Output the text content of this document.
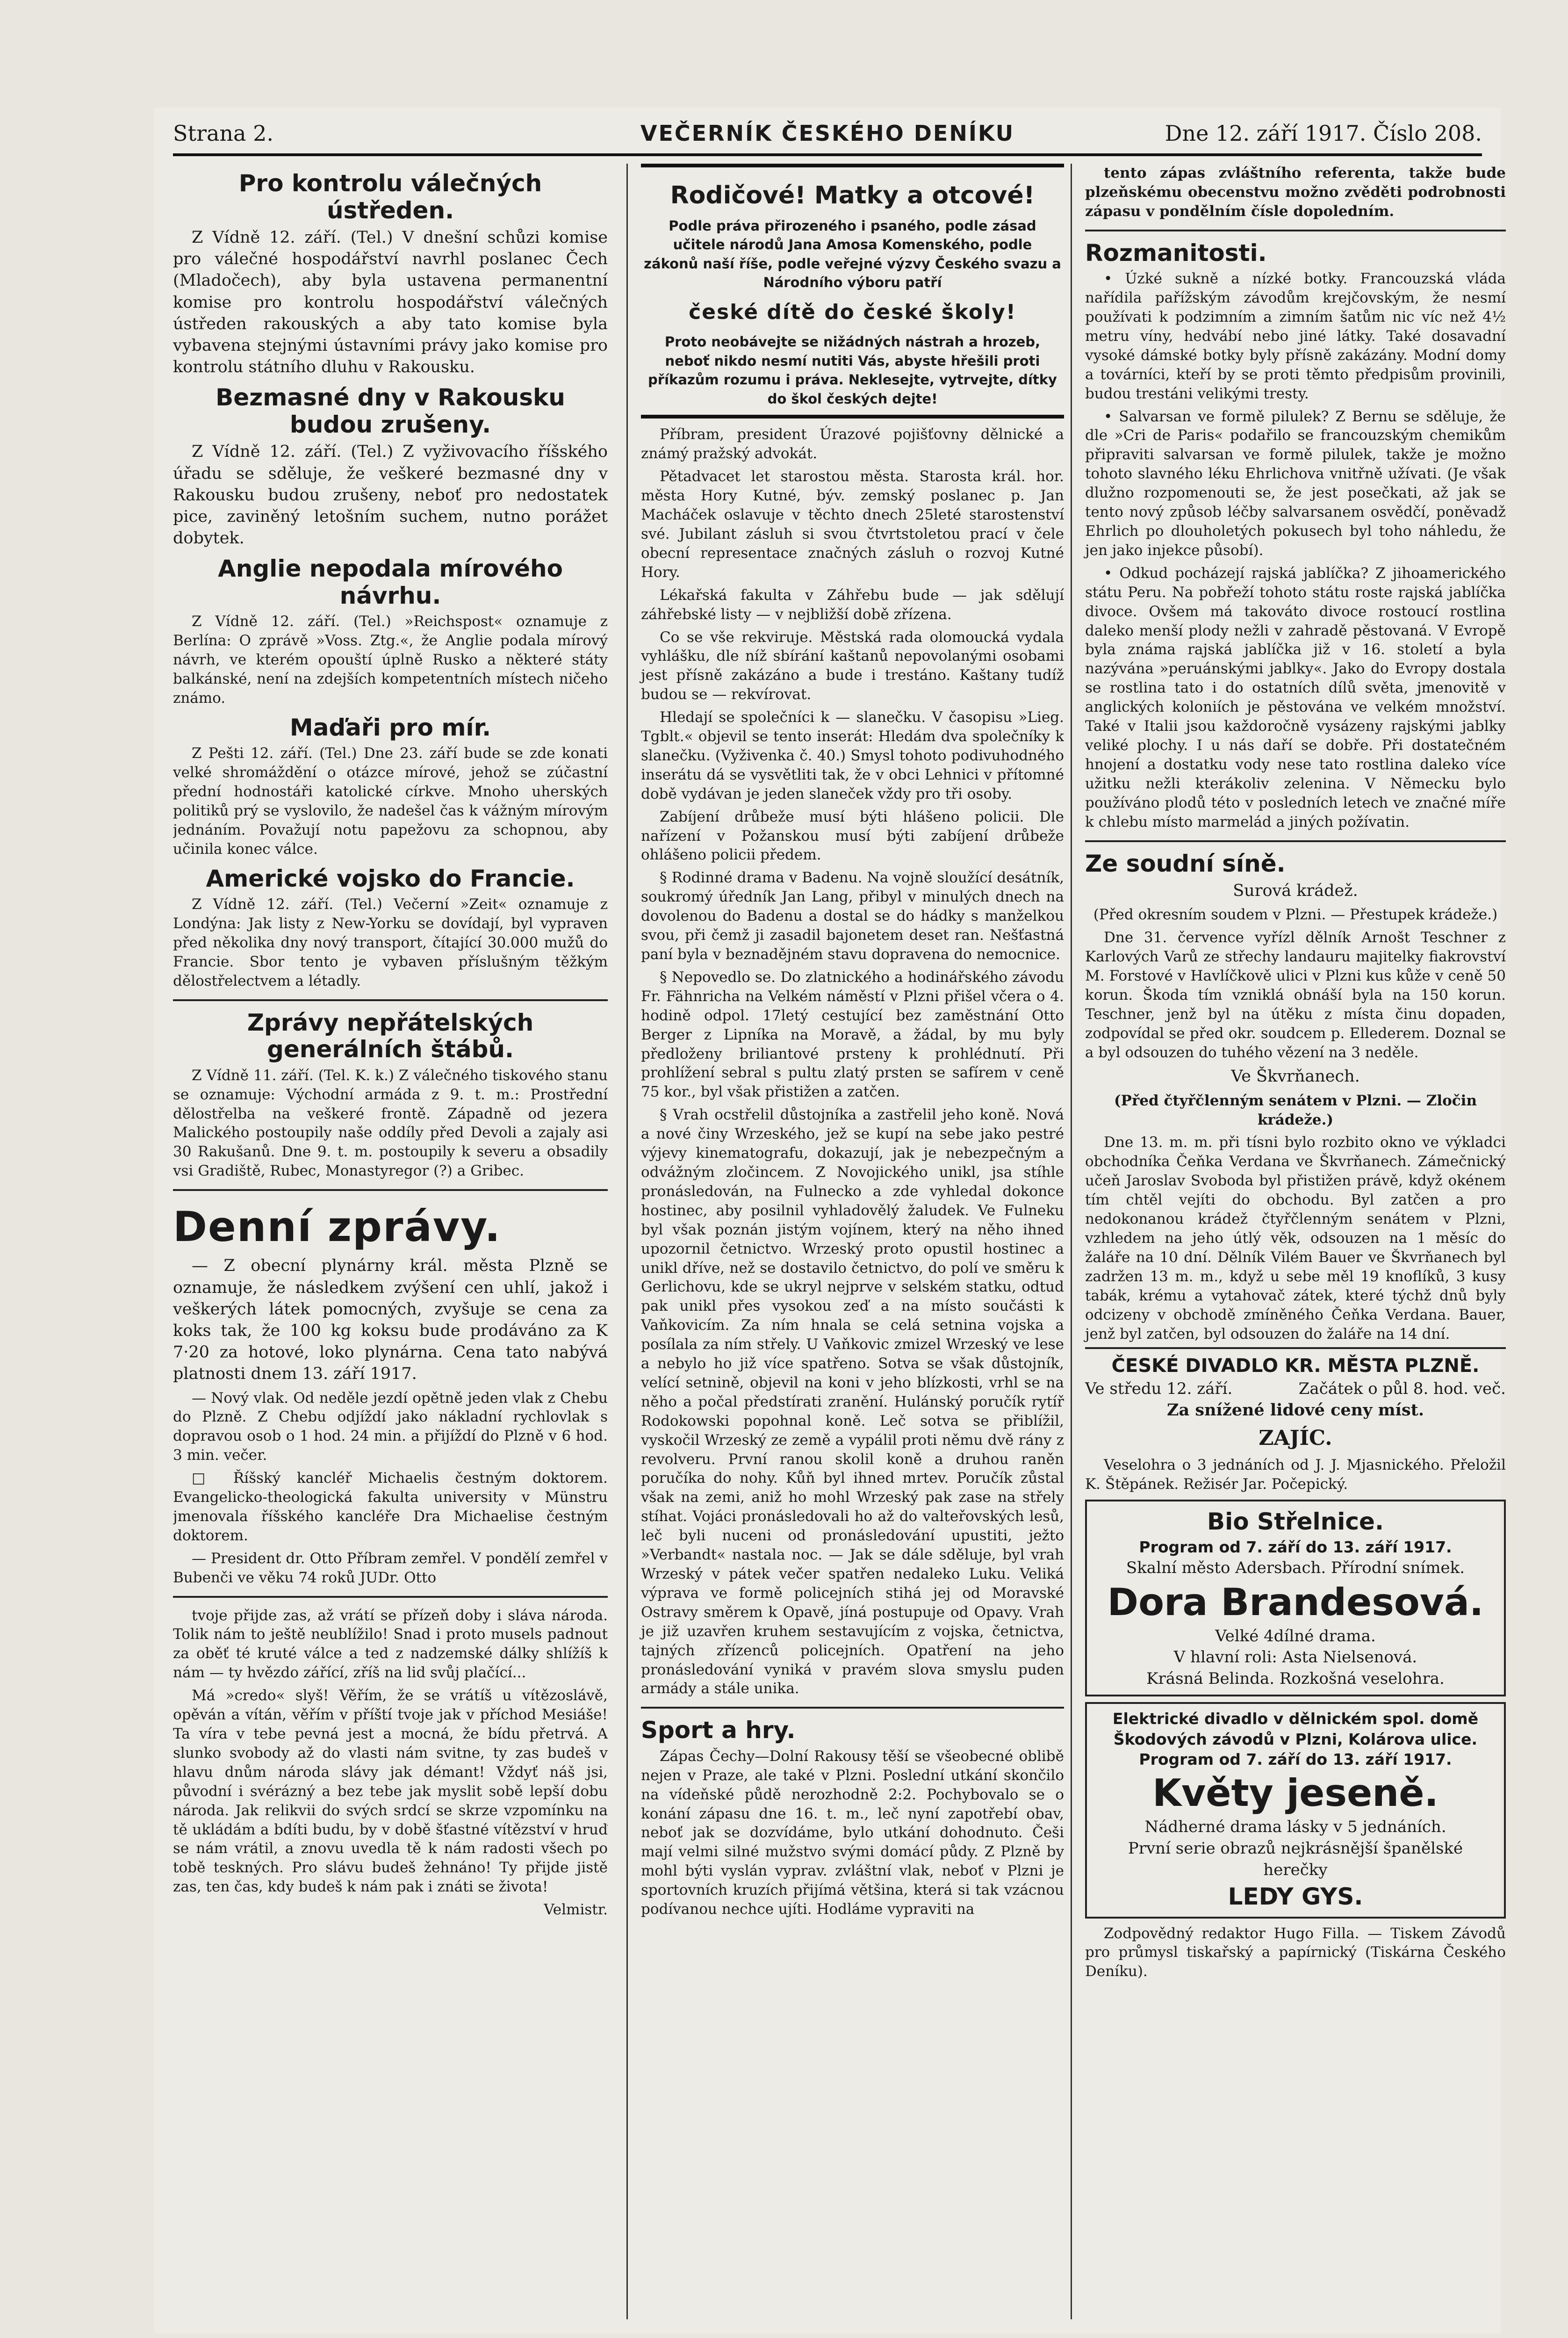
Strana 2.	VEČERNÍK ČESKÉHO DENÍKU	Dne 12. září 1917. Číslo 208.
Pro kontrolu válečných ústředen.

Z Vídně 12. září. (Tel.) V dnešní schůzi komise pro válečné hospodářství navrhl poslanec Čech (Mladočech), aby byla ustavena permanentní komise pro kontrolu hospodářství válečných ústředen rakouských a aby tato komise byla vybavena stejnými ústavními právy jako komise pro kontrolu státního dluhu v Rakousku.

Bezmasné dny v Rakousku budou zrušeny.

Z Vídně 12. září. (Tel.) Z vyživovacího říšského úřadu se sděluje, že veškeré bezmasné dny v Rakousku budou zrušeny, neboť pro nedostatek pice, zaviněný letošním suchem, nutno porážet dobytek.

Anglie nepodala mírového návrhu.

Z Vídně 12. září. (Tel.) »Reichspost« oznamuje z Berlína: O zprávě »Voss. Ztg.«, že Anglie podala mírový návrh, ve kterém opouští úplně Rusko a některé státy balkánské, není na zdejších kompetentních místech ničeho známo.

Maďaři pro mír.

Z Pešti 12. září. (Tel.) Dne 23. září bude se zde konati velké shromáždění o otázce mírové, jehož se zúčastní přední hodnostáři katolické církve. Mnoho uherských politiků prý se vyslovilo, že nadešel čas k vážným mírovým jednáním. Považují notu papežovu za schopnou, aby učinila konec válce.

Americké vojsko do Francie.

Z Vídně 12. září. (Tel.) Večerní »Zeit« oznamuje z Londýna: Jak listy z New-Yorku se dovídají, byl vypraven před několika dny nový transport, čítající 30.000 mužů do Francie. Sbor tento je vybaven příslušným těžkým dělostřelectvem a létadly.

Zprávy nepřátelských generálních štábů.

Z Vídně 11. září. (Tel. K. k.) Z válečného tiskového stanu se oznamuje: Východní armáda z 9. t. m.: Prostřední dělostřelba na veškeré frontě. Západně od jezera Malického postoupily naše oddíly před Devoli a zajaly asi 30 Rakušanů. Dne 9. t. m. postoupily k severu a obsadily vsi Gradiště, Rubec, Monastyregor (?) a Gribec.

Denní zprávy.

— Z obecní plynárny král. města Plzně se oznamuje, že následkem zvýšení cen uhlí, jakož i veškerých látek pomocných, zvyšuje se cena za koks tak, že 100 kg koksu bude prodáváno za K 7·20 za hotové, loko plynárna. Cena tato nabývá platnosti dnem 13. září 1917.

— Nový vlak. Od neděle jezdí opětně jeden vlak z Chebu do Plzně. Z Chebu odjíždí jako nákladní rychlovlak s dopravou osob o 1 hod. 24 min. a přijíždí do Plzně v 6 hod. 3 min. večer.

□ Říšský kancléř Michaelis čestným doktorem. Evangelicko-theologická fakulta university v Münstru jmenovala říšského kancléře Dra Michaelise čestným doktorem.

— President dr. Otto Příbram zemřel. V pondělí zemřel v Bubenči ve věku 74 roků JUDr. Otto

tvoje přijde zas, až vrátí se přízeň doby i sláva národa. Tolik nám to ještě neublížilo! Snad i proto musels padnout za oběť té kruté válce a ted z nadzemské dálky shlížíš k nám — ty hvězdo zářící, zříš na lid svůj plačící...

Má »credo« slyš! Věřím, že se vrátíš u vítězoslávě, opěván a vítán, věřím v příští tvoje jak v příchod Mesiáše! Ta víra v tebe pevná jest a mocná, že bídu přetrvá. A slunko svobody až do vlasti nám svitne, ty zas budeš v hlavu dnům národa slávy jak démant! Vždyť náš jsi, původní i svérázný a bez tebe jak myslit sobě lepší dobu národa. Jak relikvii do svých srdcí se skrze vzpomínku na tě ukládám a bdíti budu, by v době šťastné vítězství v hruď se nám vrátil, a znovu uvedla tě k nám radosti všech po tobě teskných. Pro slávu budeš žehnáno! Ty přijde jistě zas, ten čas, kdy budeš k nám pak i znáti se života!

Velmistr.

Rodičové! Matky a otcové!
Podle práva přirozeného i psaného, podle zásad učitele národů Jana Amosa Komenského, podle zákonů naší říše, podle veřejné výzvy Českého svazu a Národního výboru patří
české dítě do české školy!
Proto neobávejte se nižádných nástrah a hrozeb, neboť nikdo nesmí nutiti Vás, abyste hřešili proti příkazům rozumu i práva. Neklesejte, vytrvejte, dítky do škol českých dejte!

Příbram, president Úrazové pojišťovny dělnické a známý pražský advokát.

Pětadvacet let starostou města. Starosta král. hor. města Hory Kutné, býv. zemský poslanec p. Jan Macháček oslavuje v těchto dnech 25leté starostenství své. Jubilant zásluh si svou čtvrtstoletou prací v čele obecní representace značných zásluh o rozvoj Kutné Hory.

Lékařská fakulta v Záhřebu bude — jak sdělují záhřebské listy — v nejbližší době zřízena.

Co se vše rekviruje. Městská rada olomoucká vydala vyhlášku, dle níž sbírání kaštanů nepovolanými osobami jest přísně zakázáno a bude i trestáno. Kaštany tudíž budou se — rekvírovat.

Hledají se společníci k — slanečku. V časopisu »Lieg. Tgblt.« objevil se tento inserát: Hledám dva společníky k slanečku. (Vyživenka č. 40.) Smysl tohoto podivuhodného inserátu dá se vysvětliti tak, že v obci Lehnici v přítomné době vydávan je jeden slaneček vždy pro tři osoby.

Zabíjení drůbeže musí býti hlášeno policii. Dle nařízení v Požanskou musí býti zabíjení drůbeže ohlášeno policii předem.

§ Rodinné drama v Badenu. Na vojně sloužící desátník, soukromý úředník Jan Lang, přibyl v minulých dnech na dovolenou do Badenu a dostal se do hádky s manželkou svou, při čemž ji zasadil bajonetem deset ran. Nešťastná paní byla v beznadějném stavu dopravena do nemocnice.

§ Nepovedlo se. Do zlatnického a hodinářského závodu Fr. Fähnricha na Velkém náměstí v Plzni přišel včera o 4. hodině odpol. 17letý cestující bez zaměstnání Otto Berger z Lipníka na Moravě, a žádal, by mu byly předloženy briliantové prsteny k prohlédnutí. Při prohlížení sebral s pultu zlatý prsten se safírem v ceně 75 kor., byl však přistižen a zatčen.

§ Vrah ocstřelil důstojníka a zastřelil jeho koně. Nová a nové činy Wrzeského, jež se kupí na sebe jako pestré výjevy kinematografu, dokazují, jak je nebezpečným a odvážným zločincem. Z Novojického unikl, jsa stíhle pronásledován, na Fulnecko a zde vyhledal dokonce hostinec, aby posilnil vyhladovělý žaludek. Ve Fulneku byl však poznán jistým vojínem, který na něho ihned upozornil četnictvo. Wrzeský proto opustil hostinec a unikl dříve, než se dostavilo četnictvo, do polí ve směru k Gerlichovu, kde se ukryl nejprve v selském statku, odtud pak unikl přes vysokou zeď a na místo součásti k Vaňkovicím. Za ním hnala se celá setnina vojska a posílala za ním střely. U Vaňkovic zmizel Wrzeský ve lese a nebylo ho již více spatřeno. Sotva se však důstojník, velící setnině, objevil na koni v jeho blízkosti, vrhl se na něho a počal předstírati zranění. Hulánský poručík rytíř Rodokowski popohnal koně. Leč sotva se přiblížil, vyskočil Wrzeský ze země a vypálil proti němu dvě rány z revolveru. První ranou skolil koně a druhou raněn poručíka do nohy. Kůň byl ihned mrtev. Poručík zůstal však na zemi, aniž ho mohl Wrzeský pak zase na střely stíhat. Vojáci pronásledovali ho až do valteřovských lesů, leč byli nuceni od pronásledování upustiti, ježto »Verbandt« nastala noc. — Jak se dále sděluje, byl vrah Wrzeský v pátek večer spatřen nedaleko Luku. Veliká výprava ve formě policejních stihá jej od Moravské Ostravy směrem k Opavě, jíná postupuje od Opavy. Vrah je již uzavřen kruhem sestavujícím z vojska, četnictva, tajných zřízenců policejních. Opatření na jeho pronásledování vyniká v pravém slova smyslu puden armády a stále unika.

Sport a hry.

Zápas Čechy—Dolní Rakousy těší se všeobecné oblibě nejen v Praze, ale také v Plzni. Poslední utkání skončilo na vídeňské půdě nerozhodně 2:2. Pochybovalo se o konání zápasu dne 16. t. m., leč nyní zapotřebí obav, neboť jak se dozvídáme, bylo utkání dohodnuto. Češi mají velmi silné mužstvo svými domácí půdy. Z Plzně by mohl býti vyslán vyprav. zvláštní vlak, neboť v Plzni je sportovních kruzích přijímá většina, která si tak vzácnou podívanou nechce ujíti. Hodláme vypraviti na

tento zápas zvláštního referenta, takže bude plzeňskému obecenstvu možno zvěděti podrobnosti zápasu v pondělním čísle dopoledním.

Rozmanitosti.

• Úzké sukně a nízké botky. Francouzská vláda nařídila pařížským závodům krejčovským, že nesmí používati k podzimním a zimním šatům nic víc než 4½ metru víny, hedvábí nebo jiné látky. Také dosavadní vysoké dámské botky byly přísně zakázány. Modní domy a továrníci, kteří by se proti těmto předpisům provinili, budou trestáni velikými tresty.

• Salvarsan ve formě pilulek? Z Bernu se sděluje, že dle »Cri de Paris« podařilo se francouzským chemikům připraviti salvarsan ve formě pilulek, takže je možno tohoto slavného léku Ehrlichova vnitřně užívati. (Je však dlužno rozpomenouti se, že jest posečkati, až jak se tento nový způsob léčby salvarsanem osvědčí, poněvadž Ehrlich po dlouholetých pokusech byl toho náhledu, že jen jako injekce působí).

• Odkud pocházejí rajská jablíčka? Z jihoamerického státu Peru. Na pobřeží tohoto státu roste rajská jablíčka divoce. Ovšem má takováto divoce rostoucí rostlina daleko menší plody nežli v zahradě pěstovaná. V Evropě byla známa rajská jablíčka již v 16. století a byla nazývána »peruánskými jablky«. Jako do Evropy dostala se rostlina tato i do ostatních dílů světa, jmenovitě v anglických koloniích je pěstována ve velkém množství. Také v Italii jsou každoročně vysázeny rajskými jablky veliké plochy. I u nás daří se dobře. Při dostatečném hnojení a dostatku vody nese tato rostlina daleko více užitku nežli kterákoliv zelenina. V Německu bylo používáno plodů této v posledních letech ve značné míře k chlebu místo marmelád a jiných požívatin.

Ze soudní síně.

Surová krádež.

(Před okresním soudem v Plzni. — Přestupek krádeže.)

Dne 31. července vyřízl dělník Arnošt Teschner z Karlových Varů ze střechy landauru majitelky fiakrovství M. Forstové v Havlíčkově ulici v Plzni kus kůže v ceně 50 korun. Škoda tím vzniklá obnáší byla na 150 korun. Teschner, jenž byl na útěku z místa činu dopaden, zodpovídal se před okr. soudcem p. Ellederem. Doznal se a byl odsouzen do tuhého vězení na 3 neděle.

Ve Škvrňanech.

(Před čtyřčlenným senátem v Plzni. — Zločin krádeže.)

Dne 13. m. m. při tísni bylo rozbito okno ve výkladci obchodníka Čeňka Verdana ve Škvrňanech. Zámečnický učeň Jaroslav Svoboda byl přistižen právě, když okénem tím chtěl vejíti do obchodu. Byl zatčen a pro nedokonanou krádež čtyřčlenným senátem v Plzni, vzhledem na jeho útlý věk, odsouzen na 1 měsíc do žaláře na 10 dní. Dělník Vilém Bauer ve Škvrňanech byl zadržen 13 m. m., když u sebe měl 19 knoflíků, 3 kusy tabák, krému a vytahovač zátek, které týchž dnů byly odcizeny v obchodě zmíněného Čeňka Verdana. Bauer, jenž byl zatčen, byl odsouzen do žaláře na 14 dní.

ČESKÉ DIVADLO KR. MĚSTA PLZNĚ.
Ve středu 12. září.	Začátek o půl 8. hod. več.

Za snížené lidové ceny míst.

ZAJÍC.

Veselohra o 3 jednáních od J. J. Mjasnického. Přeložil K. Štěpánek. Režisér Jar. Počepický.

Bio Střelnice.
Program od 7. září do 13. září 1917.
Skalní město Adersbach. Přírodní snímek.
Dora Brandesová.
Velké 4dílné drama.
V hlavní roli: Asta Nielsenová.
Krásná Belinda. Rozkošná veselohra.
Elektrické divadlo v dělnickém spol. domě Škodových závodů v Plzni, Kolárova ulice.
Program od 7. září do 13. září 1917.
Květy jeseně.
Nádherné drama lásky v 5 jednáních.
První serie obrazů nejkrásnější španělské herečky
LEDY GYS.

Zodpovědný redaktor Hugo Filla. — Tiskem Závodů pro průmysl tiskařský a papírnický (Tiskárna Českého Deníku).
